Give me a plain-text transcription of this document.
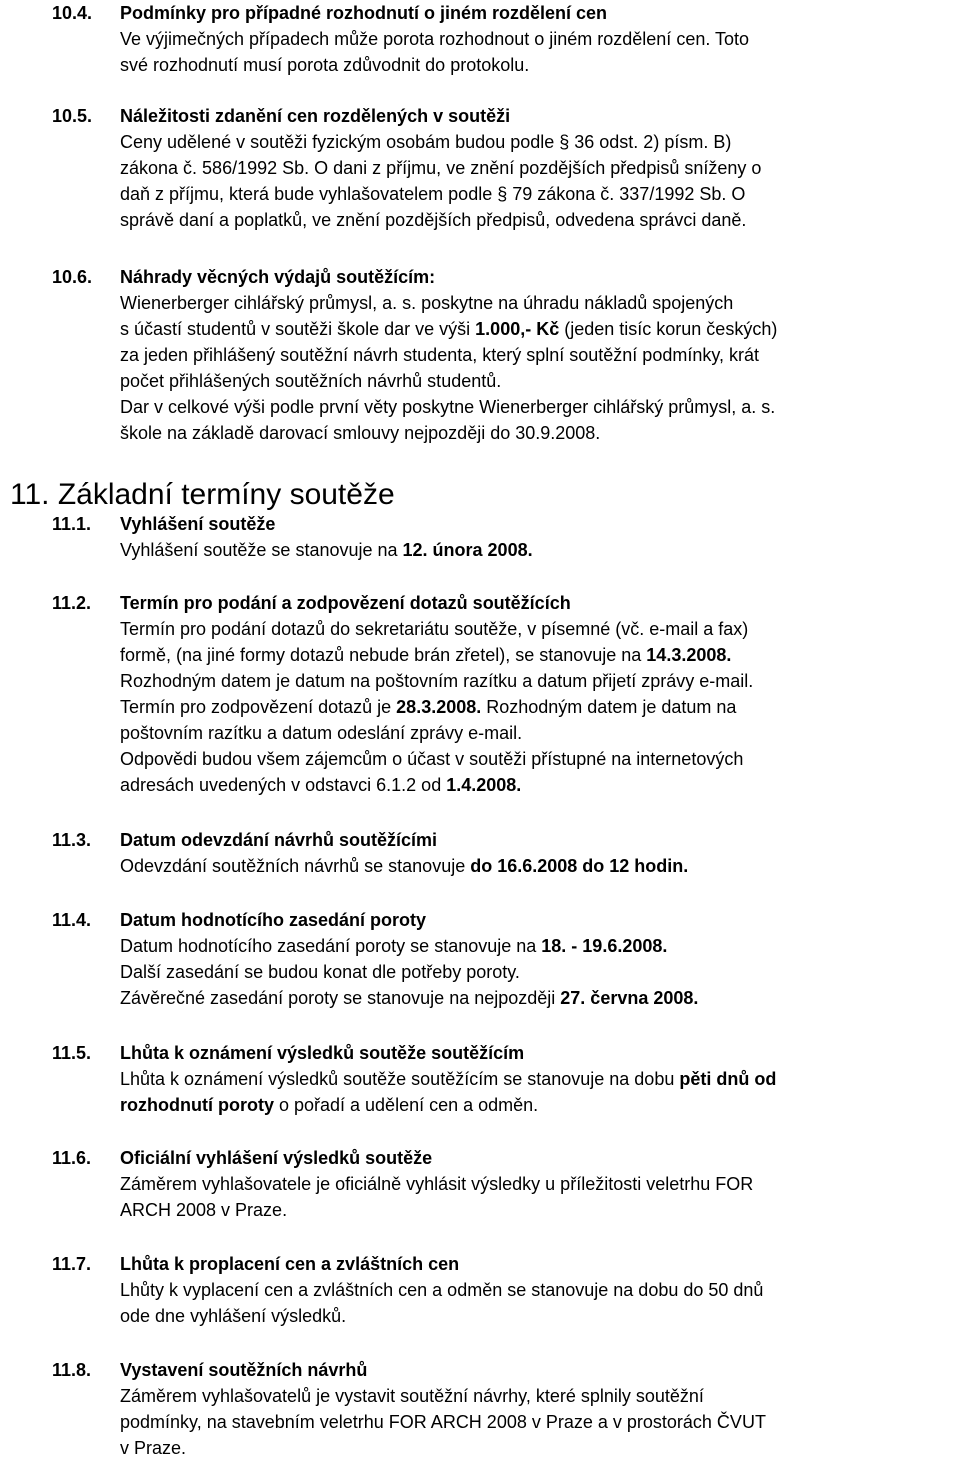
10.4. Podmínky pro případné rozhodnutí o jiném rozdělení cen
Ve výjimečných případech může porota rozhodnout o jiném rozdělení cen. Toto
své rozhodnutí musí porota zdůvodnit do protokolu.
10.5. Náležitosti zdanění cen rozdělených v soutěži
Ceny udělené v soutěži fyzickým osobám budou podle § 36 odst. 2) písm. B)
zákona č. 586/1992 Sb. O dani z příjmu, ve znění pozdějších předpisů sníženy o
daň z příjmu, která bude vyhlašovatelem podle § 79 zákona č. 337/1992 Sb. O
správě daní a poplatků, ve znění pozdějších předpisů, odvedena správci daně.
10.6. Náhrady věcných výdajů soutěžícím:
Wienerberger cihlářský průmysl, a. s. poskytne na úhradu nákladů spojených
s účastí studentů v soutěži škole dar ve výši 1.000,- Kč (jeden tisíc korun českých)
za jeden přihlášený soutěžní návrh studenta, který splní soutěžní podmínky, krát
počet přihlášených soutěžních návrhů studentů.
Dar v celkové výši podle první věty poskytne Wienerberger cihlářský průmysl, a. s.
škole na základě darovací smlouvy nejpozději do 30.9.2008.
11. Základní termíny soutěže
11.1. Vyhlášení soutěže
Vyhlášení soutěže se stanovuje na 12. února 2008.
11.2. Termín pro podání a zodpovězení dotazů soutěžících
Termín pro podání dotazů do sekretariátu soutěže, v písemné (vč. e-mail a fax)
formě, (na jiné formy dotazů nebude brán zřetel), se stanovuje na 14.3.2008.
Rozhodným datem je datum na poštovním razítku a datum přijetí zprávy e-mail.
Termín pro zodpovězení dotazů je 28.3.2008. Rozhodným datem je datum na
poštovním razítku a datum odeslání zprávy e-mail.
Odpovědi budou všem zájemcům o účast v soutěži přístupné na internetových
adresách uvedených v odstavci 6.1.2 od 1.4.2008.
11.3. Datum odevzdání návrhů soutěžícími
Odevzdání soutěžních návrhů se stanovuje do 16.6.2008 do 12 hodin.
11.4. Datum hodnotícího zasedání poroty
Datum hodnotícího zasedání poroty se stanovuje na 18. - 19.6.2008.
Další zasedání se budou konat dle potřeby poroty.
Závěrečné zasedání poroty se stanovuje na nejpozději 27. června 2008.
11.5. Lhůta k oznámení výsledků soutěže soutěžícím
Lhůta k oznámení výsledků soutěže soutěžícím se stanovuje na dobu pěti dnů od
rozhodnutí poroty o pořadí a udělení cen a odměn.
11.6. Oficiální vyhlášení výsledků soutěže
Záměrem vyhlašovatele je oficiálně vyhlásit výsledky u příležitosti veletrhu FOR
ARCH 2008 v Praze.
11.7. Lhůta k proplacení cen a zvláštních cen
Lhůty k vyplacení cen a zvláštních cen a odměn se stanovuje na dobu do 50 dnů
ode dne vyhlášení výsledků.
11.8. Vystavení soutěžních návrhů
Záměrem vyhlašovatelů je vystavit soutěžní návrhy, které splnily soutěžní
podmínky, na stavebním veletrhu FOR ARCH 2008 v Praze a v prostorách ČVUT
v Praze.
